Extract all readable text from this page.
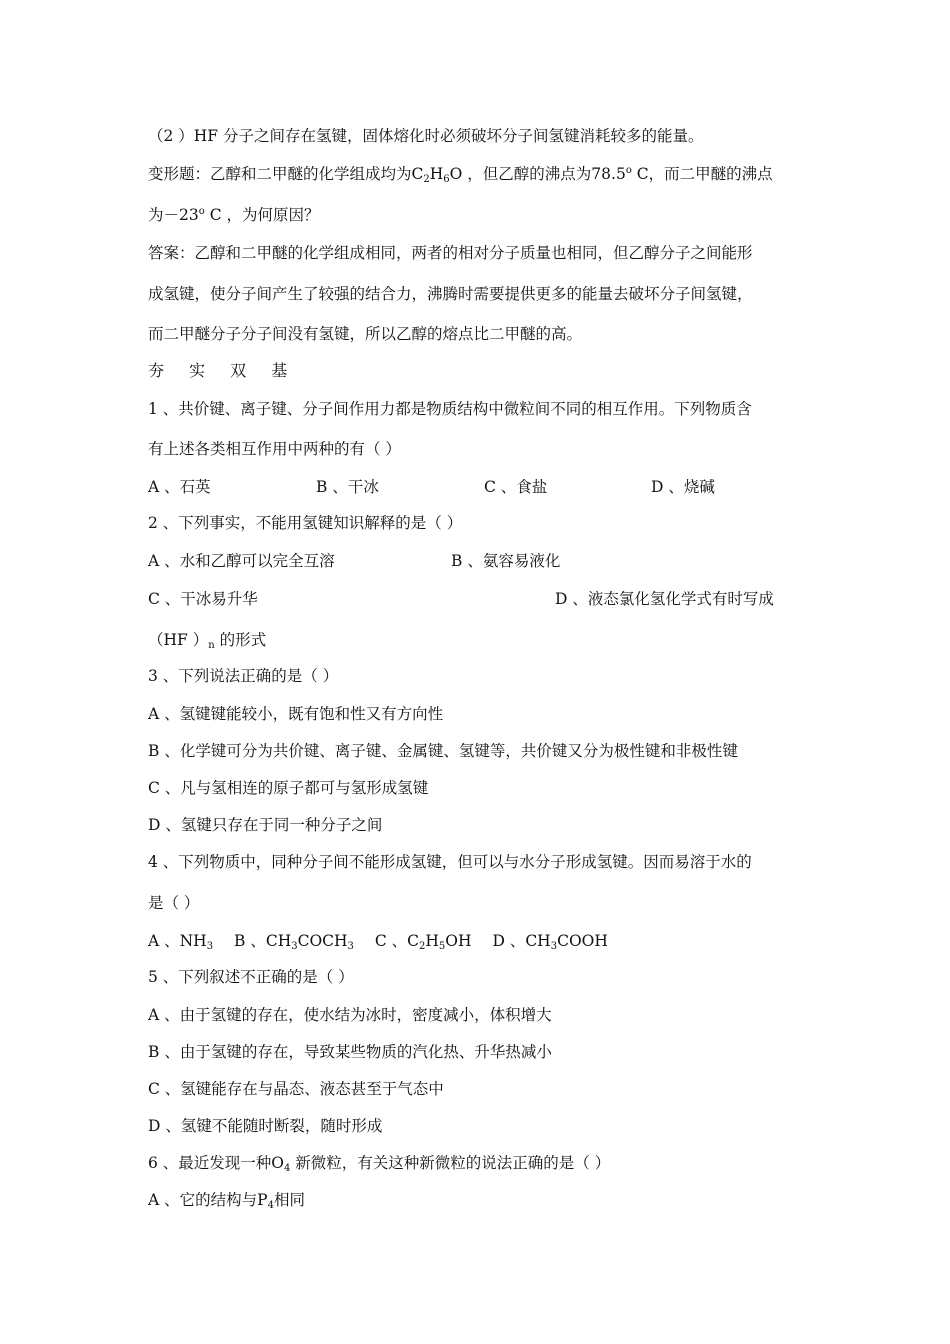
（2 ）HF 分子之间存在氢键，固体熔化时必须破坏分子间氢键消耗较多的能量。
变形题：乙醇和二甲醚的化学组成均为$C_2H_6O$ ，但乙醇的沸点为78.5$^o$ C，而二甲醚的沸点
为$-23^o$ C ，为何原因？
答案：乙醇和二甲醚的化学组成相同，两者的相对分子质量也相同，但乙醇分子之间能形
成氢键，使分子间产生了较强的结合力，沸腾时需要提供更多的能量去破坏分子间氢键，
而二甲醚分子分子间没有氢键，所以乙醇的熔点比二甲醚的高。
夯 实 双 基
1 、共价键、离子键、分子间作用力都是物质结构中微粒间不同的相互作用。下列物质含
有上述各类相互作用中两种的有（ ）
A 、石英	B 、干冰	C 、食盐	D 、烧碱
2 、下列事实，不能用氢键知识解释的是（ ）
A 、水和乙醇可以完全互溶	B 、氨容易液化
C 、干冰易升华	D 、液态氯化氢化学式有时写成
（HF ）$_n$ 的形式
3 、下列说法正确的是（ ）
A 、氢键键能较小，既有饱和性又有方向性
B 、化学键可分为共价键、离子键、金属键、氢键等，共价键又分为极性键和非极性键
C 、凡与氢相连的原子都可与氢形成氢键
D 、氢键只存在于同一种分子之间
4 、下列物质中，同种分子间不能形成氢键，但可以与水分子形成氢键。因而易溶于水的
是（ ）
A 、$NH_3$ B 、$CH_3COCH_3$ C 、$C_2H_5OH$ D 、$CH_3COOH$
5 、下列叙述不正确的是（ ）
A 、由于氢键的存在，使水结为冰时，密度减小，体积增大
B 、由于氢键的存在，导致某些物质的汽化热、升华热减小
C 、氢键能存在与晶态、液态甚至于气态中
D 、氢键不能随时断裂，随时形成
6 、最近发现一种$O_4$ 新微粒，有关这种新微粒的说法正确的是（ ）
A 、它的结构与$P_4$相同
